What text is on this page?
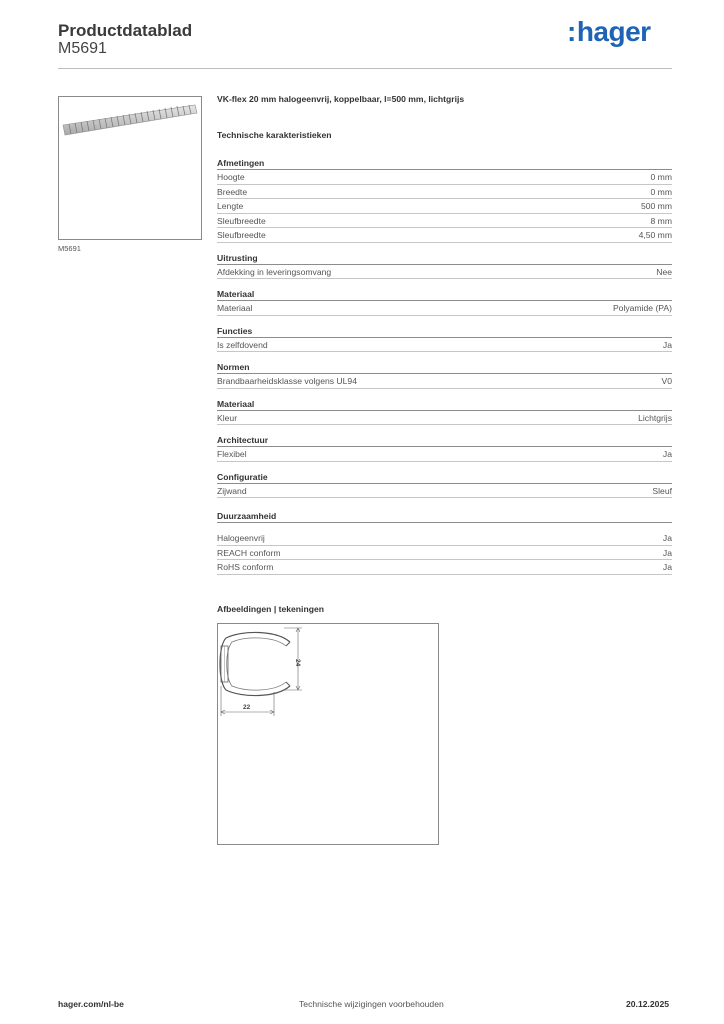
Productdatablad
M5691
:hager
M5691
VK-flex 20 mm halogeenvrij, koppelbaar, l=500 mm, lichtgrijs
Technische karakteristieken
Afmetingen
Hoogte	0 mm
Breedte	0 mm
Lengte	500 mm
Sleufbreedte	8 mm
Sleufbreedte	4,50 mm
Uitrusting
Afdekking in leveringsomvang	Nee
Materiaal
Materiaal	Polyamide (PA)
Functies
Is zelfdovend	Ja
Normen
Brandbaarheidsklasse volgens UL94	V0
Materiaal
Kleur	Lichtgrijs
Architectuur
Flexibel	Ja
Configuratie
Zijwand	Sleuf
Duurzaamheid
Halogeenvrij	Ja
REACH conform	Ja
RoHS conform	Ja
Afbeeldingen | tekeningen
24
22
hager.com/nl-be	Technische wijzigingen voorbehouden	20.12.2025
